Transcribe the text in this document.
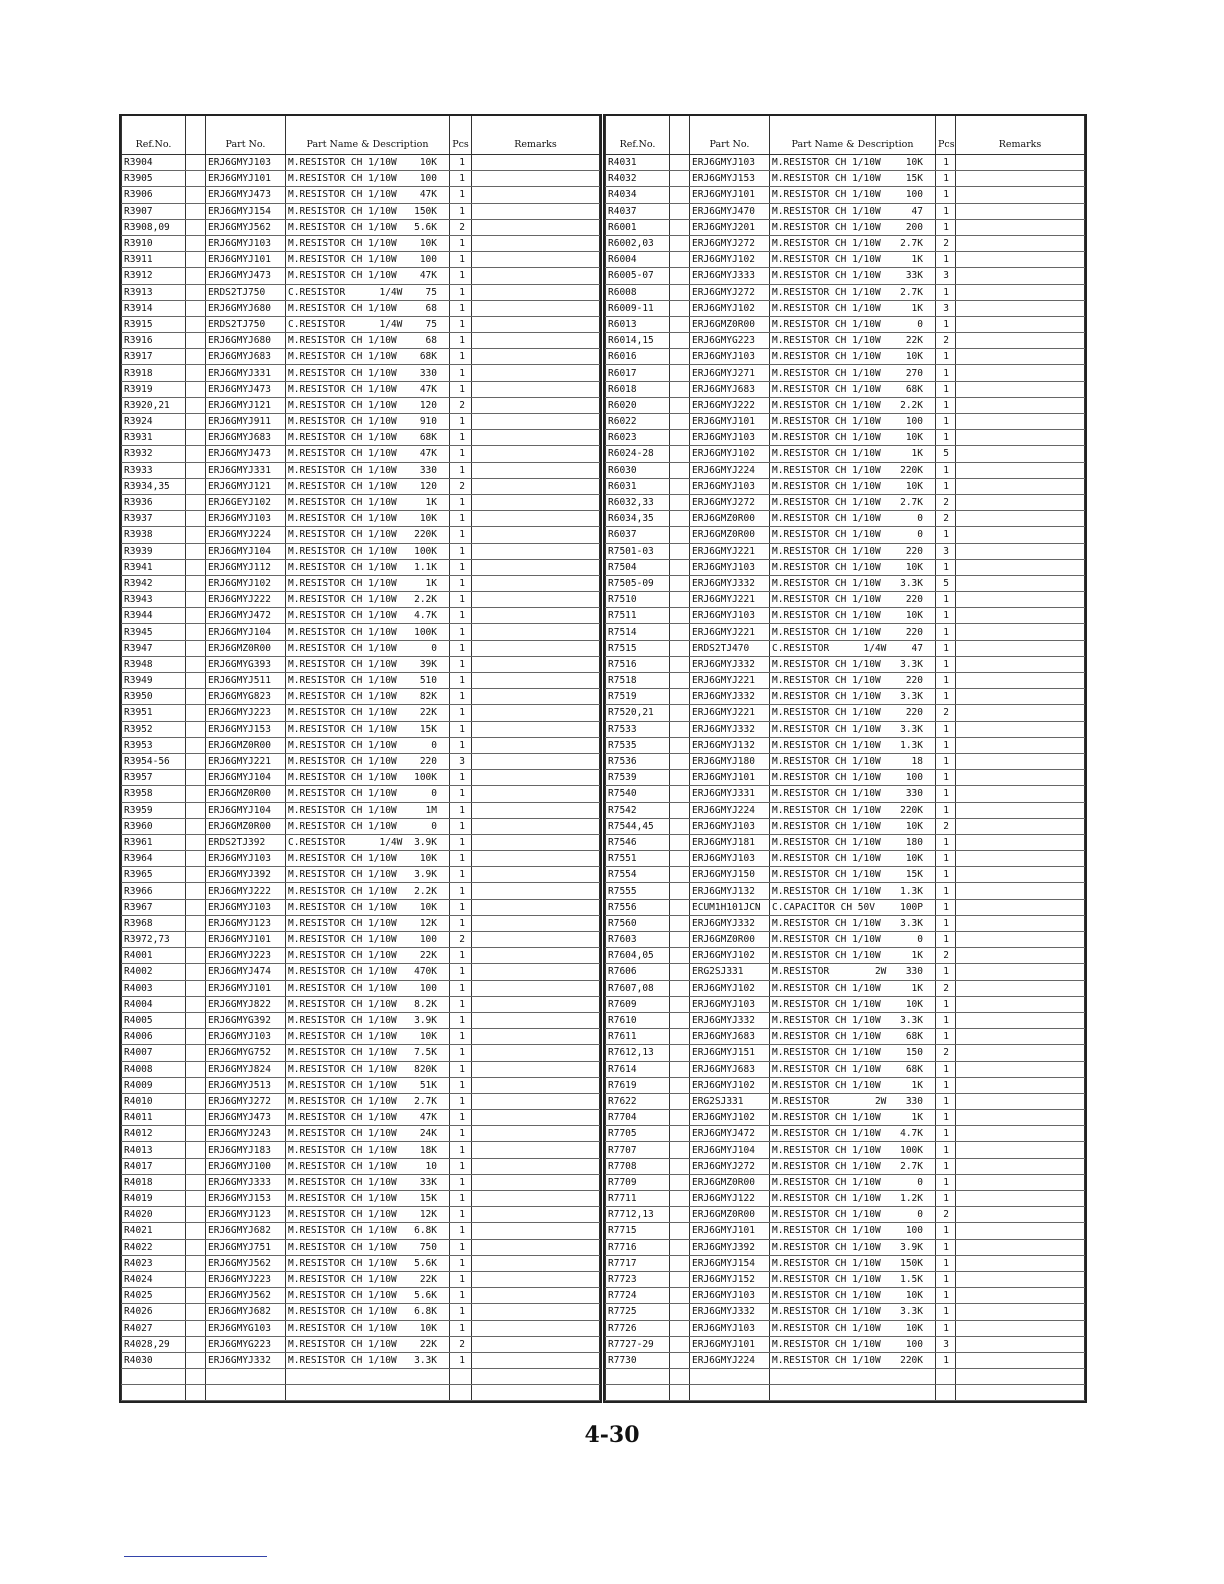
Ref.No.		Part No.	Part Name & Description	Pcs	Remarks
R3904		ERJ6GMYJ103	M.RESISTOR CH 1/10W 10K	1	
R3905		ERJ6GMYJ101	M.RESISTOR CH 1/10W 100	1	
R3906		ERJ6GMYJ473	M.RESISTOR CH 1/10W 47K	1	
R3907		ERJ6GMYJ154	M.RESISTOR CH 1/10W 150K	1	
R3908,09		ERJ6GMYJ562	M.RESISTOR CH 1/10W 5.6K	2	
R3910		ERJ6GMYJ103	M.RESISTOR CH 1/10W 10K	1	
R3911		ERJ6GMYJ101	M.RESISTOR CH 1/10W 100	1	
R3912		ERJ6GMYJ473	M.RESISTOR CH 1/10W 47K	1	
R3913		ERDS2TJ750	C.RESISTOR      1/4W 75	1	
R3914		ERJ6GMYJ680	M.RESISTOR CH 1/10W 68	1	
R3915		ERDS2TJ750	C.RESISTOR      1/4W 75	1	
R3916		ERJ6GMYJ680	M.RESISTOR CH 1/10W 68	1	
R3917		ERJ6GMYJ683	M.RESISTOR CH 1/10W 68K	1	
R3918		ERJ6GMYJ331	M.RESISTOR CH 1/10W 330	1	
R3919		ERJ6GMYJ473	M.RESISTOR CH 1/10W 47K	1	
R3920,21		ERJ6GMYJ121	M.RESISTOR CH 1/10W 120	2	
R3924		ERJ6GMYJ911	M.RESISTOR CH 1/10W 910	1	
R3931		ERJ6GMYJ683	M.RESISTOR CH 1/10W 68K	1	
R3932		ERJ6GMYJ473	M.RESISTOR CH 1/10W 47K	1	
R3933		ERJ6GMYJ331	M.RESISTOR CH 1/10W 330	1	
R3934,35		ERJ6GMYJ121	M.RESISTOR CH 1/10W 120	2	
R3936		ERJ6GEYJ102	M.RESISTOR CH 1/10W 1K	1	
R3937		ERJ6GMYJ103	M.RESISTOR CH 1/10W 10K	1	
R3938		ERJ6GMYJ224	M.RESISTOR CH 1/10W 220K	1	
R3939		ERJ6GMYJ104	M.RESISTOR CH 1/10W 100K	1	
R3941		ERJ6GMYJ112	M.RESISTOR CH 1/10W 1.1K	1	
R3942		ERJ6GMYJ102	M.RESISTOR CH 1/10W 1K	1	
R3943		ERJ6GMYJ222	M.RESISTOR CH 1/10W 2.2K	1	
R3944		ERJ6GMYJ472	M.RESISTOR CH 1/10W 4.7K	1	
R3945		ERJ6GMYJ104	M.RESISTOR CH 1/10W 100K	1	
R3947		ERJ6GMZ0R00	M.RESISTOR CH 1/10W 0	1	
R3948		ERJ6GMYG393	M.RESISTOR CH 1/10W 39K	1	
R3949		ERJ6GMYJ511	M.RESISTOR CH 1/10W 510	1	
R3950		ERJ6GMYG823	M.RESISTOR CH 1/10W 82K	1	
R3951		ERJ6GMYJ223	M.RESISTOR CH 1/10W 22K	1	
R3952		ERJ6GMYJ153	M.RESISTOR CH 1/10W 15K	1	
R3953		ERJ6GMZ0R00	M.RESISTOR CH 1/10W 0	1	
R3954-56		ERJ6GMYJ221	M.RESISTOR CH 1/10W 220	3	
R3957		ERJ6GMYJ104	M.RESISTOR CH 1/10W 100K	1	
R3958		ERJ6GMZ0R00	M.RESISTOR CH 1/10W 0	1	
R3959		ERJ6GMYJ104	M.RESISTOR CH 1/10W 1M	1	
R3960		ERJ6GMZ0R00	M.RESISTOR CH 1/10W 0	1	
R3961		ERDS2TJ392	C.RESISTOR      1/4W 3.9K	1	
R3964		ERJ6GMYJ103	M.RESISTOR CH 1/10W 10K	1	
R3965		ERJ6GMYJ392	M.RESISTOR CH 1/10W 3.9K	1	
R3966		ERJ6GMYJ222	M.RESISTOR CH 1/10W 2.2K	1	
R3967		ERJ6GMYJ103	M.RESISTOR CH 1/10W 10K	1	
R3968		ERJ6GMYJ123	M.RESISTOR CH 1/10W 12K	1	
R3972,73		ERJ6GMYJ101	M.RESISTOR CH 1/10W 100	2	
R4001		ERJ6GMYJ223	M.RESISTOR CH 1/10W 22K	1	
R4002		ERJ6GMYJ474	M.RESISTOR CH 1/10W 470K	1	
R4003		ERJ6GMYJ101	M.RESISTOR CH 1/10W 100	1	
R4004		ERJ6GMYJ822	M.RESISTOR CH 1/10W 8.2K	1	
R4005		ERJ6GMYG392	M.RESISTOR CH 1/10W 3.9K	1	
R4006		ERJ6GMYJ103	M.RESISTOR CH 1/10W 10K	1	
R4007		ERJ6GMYG752	M.RESISTOR CH 1/10W 7.5K	1	
R4008		ERJ6GMYJ824	M.RESISTOR CH 1/10W 820K	1	
R4009		ERJ6GMYJ513	M.RESISTOR CH 1/10W 51K	1	
R4010		ERJ6GMYJ272	M.RESISTOR CH 1/10W 2.7K	1	
R4011		ERJ6GMYJ473	M.RESISTOR CH 1/10W 47K	1	
R4012		ERJ6GMYJ243	M.RESISTOR CH 1/10W 24K	1	
R4013		ERJ6GMYJ183	M.RESISTOR CH 1/10W 18K	1	
R4017		ERJ6GMYJ100	M.RESISTOR CH 1/10W 10	1	
R4018		ERJ6GMYJ333	M.RESISTOR CH 1/10W 33K	1	
R4019		ERJ6GMYJ153	M.RESISTOR CH 1/10W 15K	1	
R4020		ERJ6GMYJ123	M.RESISTOR CH 1/10W 12K	1	
R4021		ERJ6GMYJ682	M.RESISTOR CH 1/10W 6.8K	1	
R4022		ERJ6GMYJ751	M.RESISTOR CH 1/10W 750	1	
R4023		ERJ6GMYJ562	M.RESISTOR CH 1/10W 5.6K	1	
R4024		ERJ6GMYJ223	M.RESISTOR CH 1/10W 22K	1	
R4025		ERJ6GMYJ562	M.RESISTOR CH 1/10W 5.6K	1	
R4026		ERJ6GMYJ682	M.RESISTOR CH 1/10W 6.8K	1	
R4027		ERJ6GMYG103	M.RESISTOR CH 1/10W 10K	1	
R4028,29		ERJ6GMYG223	M.RESISTOR CH 1/10W 22K	2	
R4030		ERJ6GMYJ332	M.RESISTOR CH 1/10W 3.3K	1	

Ref.No.		Part No.	Part Name & Description	Pcs	Remarks
R4031		ERJ6GMYJ103	M.RESISTOR CH 1/10W 10K	1	
R4032		ERJ6GMYJ153	M.RESISTOR CH 1/10W 15K	1	
R4034		ERJ6GMYJ101	M.RESISTOR CH 1/10W 100	1	
R4037		ERJ6GMYJ470	M.RESISTOR CH 1/10W 47	1	
R6001		ERJ6GMYJ201	M.RESISTOR CH 1/10W 200	1	
R6002,03		ERJ6GMYJ272	M.RESISTOR CH 1/10W 2.7K	2	
R6004		ERJ6GMYJ102	M.RESISTOR CH 1/10W 1K	1	
R6005-07		ERJ6GMYJ333	M.RESISTOR CH 1/10W 33K	3	
R6008		ERJ6GMYJ272	M.RESISTOR CH 1/10W 2.7K	1	
R6009-11		ERJ6GMYJ102	M.RESISTOR CH 1/10W 1K	3	
R6013		ERJ6GMZ0R00	M.RESISTOR CH 1/10W 0	1	
R6014,15		ERJ6GMYG223	M.RESISTOR CH 1/10W 22K	2	
R6016		ERJ6GMYJ103	M.RESISTOR CH 1/10W 10K	1	
R6017		ERJ6GMYJ271	M.RESISTOR CH 1/10W 270	1	
R6018		ERJ6GMYJ683	M.RESISTOR CH 1/10W 68K	1	
R6020		ERJ6GMYJ222	M.RESISTOR CH 1/10W 2.2K	1	
R6022		ERJ6GMYJ101	M.RESISTOR CH 1/10W 100	1	
R6023		ERJ6GMYJ103	M.RESISTOR CH 1/10W 10K	1	
R6024-28		ERJ6GMYJ102	M.RESISTOR CH 1/10W 1K	5	
R6030		ERJ6GMYJ224	M.RESISTOR CH 1/10W 220K	1	
R6031		ERJ6GMYJ103	M.RESISTOR CH 1/10W 10K	1	
R6032,33		ERJ6GMYJ272	M.RESISTOR CH 1/10W 2.7K	2	
R6034,35		ERJ6GMZ0R00	M.RESISTOR CH 1/10W 0	2	
R6037		ERJ6GMZ0R00	M.RESISTOR CH 1/10W 0	1	
R7501-03		ERJ6GMYJ221	M.RESISTOR CH 1/10W 220	3	
R7504		ERJ6GMYJ103	M.RESISTOR CH 1/10W 10K	1	
R7505-09		ERJ6GMYJ332	M.RESISTOR CH 1/10W 3.3K	5	
R7510		ERJ6GMYJ221	M.RESISTOR CH 1/10W 220	1	
R7511		ERJ6GMYJ103	M.RESISTOR CH 1/10W 10K	1	
R7514		ERJ6GMYJ221	M.RESISTOR CH 1/10W 220	1	
R7515		ERDS2TJ470	C.RESISTOR      1/4W 47	1	
R7516		ERJ6GMYJ332	M.RESISTOR CH 1/10W 3.3K	1	
R7518		ERJ6GMYJ221	M.RESISTOR CH 1/10W 220	1	
R7519		ERJ6GMYJ332	M.RESISTOR CH 1/10W 3.3K	1	
R7520,21		ERJ6GMYJ221	M.RESISTOR CH 1/10W 220	2	
R7533		ERJ6GMYJ332	M.RESISTOR CH 1/10W 3.3K	1	
R7535		ERJ6GMYJ132	M.RESISTOR CH 1/10W 1.3K	1	
R7536		ERJ6GMYJ180	M.RESISTOR CH 1/10W 18	1	
R7539		ERJ6GMYJ101	M.RESISTOR CH 1/10W 100	1	
R7540		ERJ6GMYJ331	M.RESISTOR CH 1/10W 330	1	
R7542		ERJ6GMYJ224	M.RESISTOR CH 1/10W 220K	1	
R7544,45		ERJ6GMYJ103	M.RESISTOR CH 1/10W 10K	2	
R7546		ERJ6GMYJ181	M.RESISTOR CH 1/10W 180	1	
R7551		ERJ6GMYJ103	M.RESISTOR CH 1/10W 10K	1	
R7554		ERJ6GMYJ150	M.RESISTOR CH 1/10W 15K	1	
R7555		ERJ6GMYJ132	M.RESISTOR CH 1/10W 1.3K	1	
R7556		ECUM1H101JCN	C.CAPACITOR CH 50V 100P	1	
R7560		ERJ6GMYJ332	M.RESISTOR CH 1/10W 3.3K	1	
R7603		ERJ6GMZ0R00	M.RESISTOR CH 1/10W 0	1	
R7604,05		ERJ6GMYJ102	M.RESISTOR CH 1/10W 1K	2	
R7606		ERG2SJ331	M.RESISTOR        2W 330	1	
R7607,08		ERJ6GMYJ102	M.RESISTOR CH 1/10W 1K	2	
R7609		ERJ6GMYJ103	M.RESISTOR CH 1/10W 10K	1	
R7610		ERJ6GMYJ332	M.RESISTOR CH 1/10W 3.3K	1	
R7611		ERJ6GMYJ683	M.RESISTOR CH 1/10W 68K	1	
R7612,13		ERJ6GMYJ151	M.RESISTOR CH 1/10W 150	2	
R7614		ERJ6GMYJ683	M.RESISTOR CH 1/10W 68K	1	
R7619		ERJ6GMYJ102	M.RESISTOR CH 1/10W 1K	1	
R7622		ERG2SJ331	M.RESISTOR        2W 330	1	
R7704		ERJ6GMYJ102	M.RESISTOR CH 1/10W 1K	1	
R7705		ERJ6GMYJ472	M.RESISTOR CH 1/10W 4.7K	1	
R7707		ERJ6GMYJ104	M.RESISTOR CH 1/10W 100K	1	
R7708		ERJ6GMYJ272	M.RESISTOR CH 1/10W 2.7K	1	
R7709		ERJ6GMZ0R00	M.RESISTOR CH 1/10W 0	1	
R7711		ERJ6GMYJ122	M.RESISTOR CH 1/10W 1.2K	1	
R7712,13		ERJ6GMZ0R00	M.RESISTOR CH 1/10W 0	2	
R7715		ERJ6GMYJ101	M.RESISTOR CH 1/10W 100	1	
R7716		ERJ6GMYJ392	M.RESISTOR CH 1/10W 3.9K	1	
R7717		ERJ6GMYJ154	M.RESISTOR CH 1/10W 150K	1	
R7723		ERJ6GMYJ152	M.RESISTOR CH 1/10W 1.5K	1	
R7724		ERJ6GMYJ103	M.RESISTOR CH 1/10W 10K	1	
R7725		ERJ6GMYJ332	M.RESISTOR CH 1/10W 3.3K	1	
R7726		ERJ6GMYJ103	M.RESISTOR CH 1/10W 10K	1	
R7727-29		ERJ6GMYJ101	M.RESISTOR CH 1/10W 100	3	
R7730		ERJ6GMYJ224	M.RESISTOR CH 1/10W 220K	1	

4-30
